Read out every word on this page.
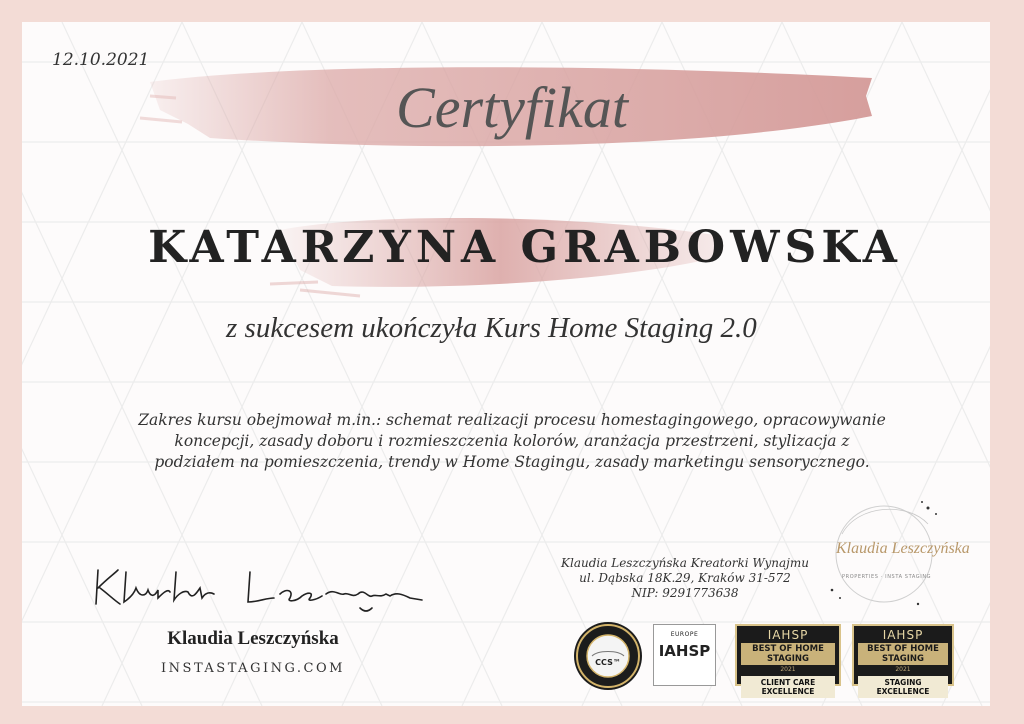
12.10.2021
Certyfikat
KATARZYNA GRABOWSKA
z sukcesem ukończyła Kurs Home Staging 2.0
Zakres kursu obejmował m.in.: schemat realizacji procesu homestagingowego, opracowywanie
koncepcji, zasady doboru i rozmieszczenia kolorów, aranżacja przestrzeni, stylizacja z
podziałem na pomieszczenia, trendy w Home Stagingu, zasady marketingu sensorycznego.
Klaudia Leszczyńska
INSTASTAGING.COM
Klaudia Leszczyńska Kreatorki Wynajmu
ul. Dąbska 18K.29, Kraków 31-572
NIP: 9291773638
Klaudia Leszczyńska
PROPERTIES · INSTA STAGING
CCS™
EUROPE
IAHSP
IAHSP
BEST OF HOME STAGING
2021
CLIENT CARE EXCELLENCE
IAHSP
BEST OF HOME STAGING
2021
STAGING EXCELLENCE
